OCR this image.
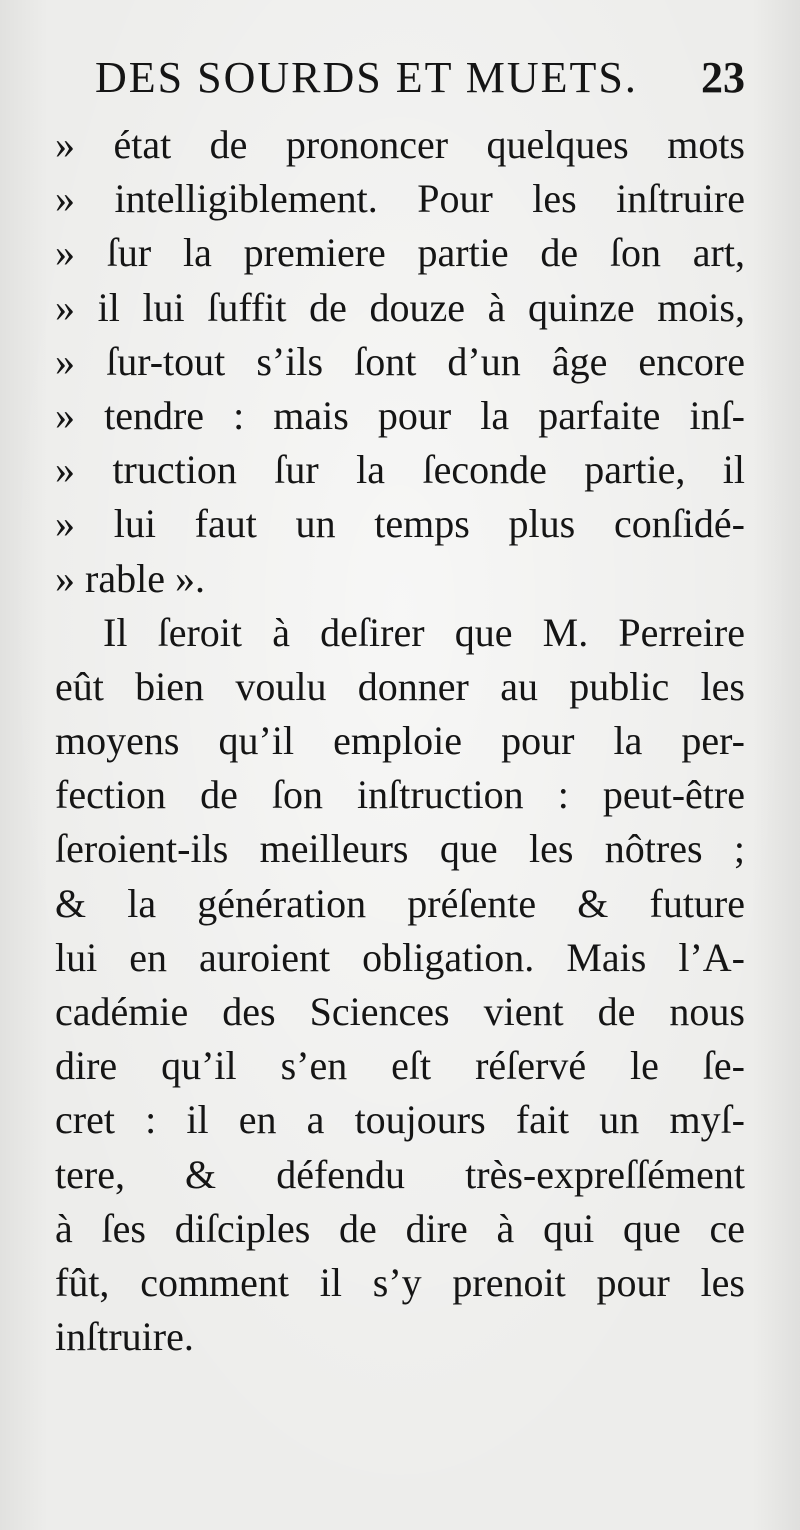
DES SOURDS ET MUETS. 23
» état de prononcer quelques mots
» intelligiblement. Pour les inſtruire
» ſur la premiere partie de ſon art,
» il lui ſuffit de douze à quinze mois,
» ſur-tout s’ils ſont d’un âge encore
» tendre : mais pour la parfaite inſ-
» truction ſur la ſeconde partie, il
» lui faut un temps plus conſidé-
» rable ».
Il ſeroit à deſirer que M. Perreire
eût bien voulu donner au public les
moyens qu’il emploie pour la per-
fection de ſon inſtruction : peut-être
ſeroient-ils meilleurs que les nôtres ;
& la génération préſente & future
lui en auroient obligation. Mais l’A-
cadémie des Sciences vient de nous
dire qu’il s’en eſt réſervé le ſe-
cret : il en a toujours fait un myſ-
tere, & défendu très-expreſſément
à ſes diſciples de dire à qui que ce
fût, comment il s’y prenoit pour les
inſtruire.
